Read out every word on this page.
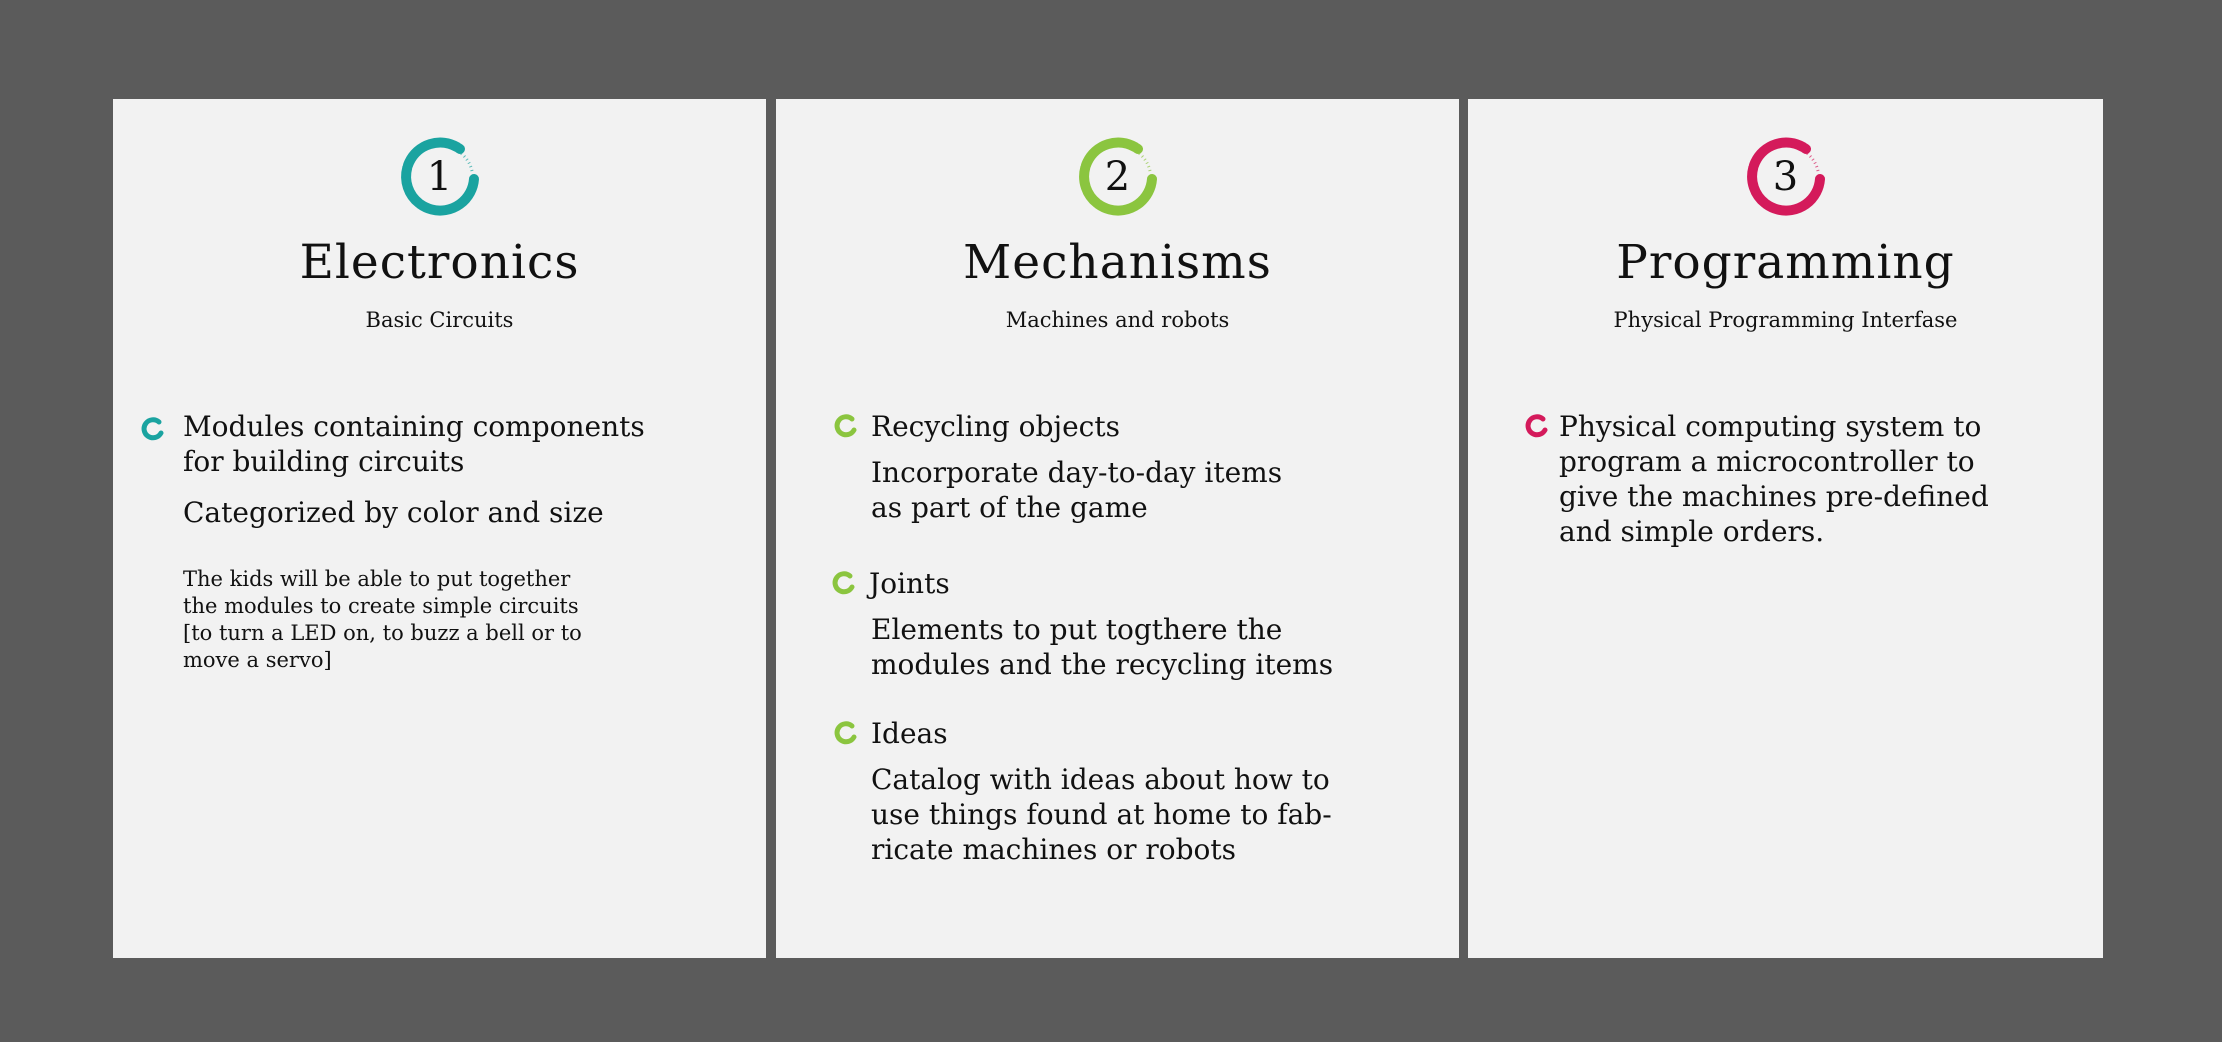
1
Electronics
Basic Circuits
Modules containing components
for building circuits
Categorized by color and size
The kids will be able to put together
the modules to create simple circuits
[to turn a LED on, to buzz a bell or to
move a servo]
2
Mechanisms
Machines and robots
Recycling objects
Incorporate day-to-day items
as part of the game
Joints
Elements to put togthere the
modules and the recycling items
Ideas
Catalog with ideas about how to
use things found at home to fab-
ricate machines or robots
3
Programming
Physical Programming Interfase
Physical computing system to
program a microcontroller to
give the machines pre-defined
and simple orders.
